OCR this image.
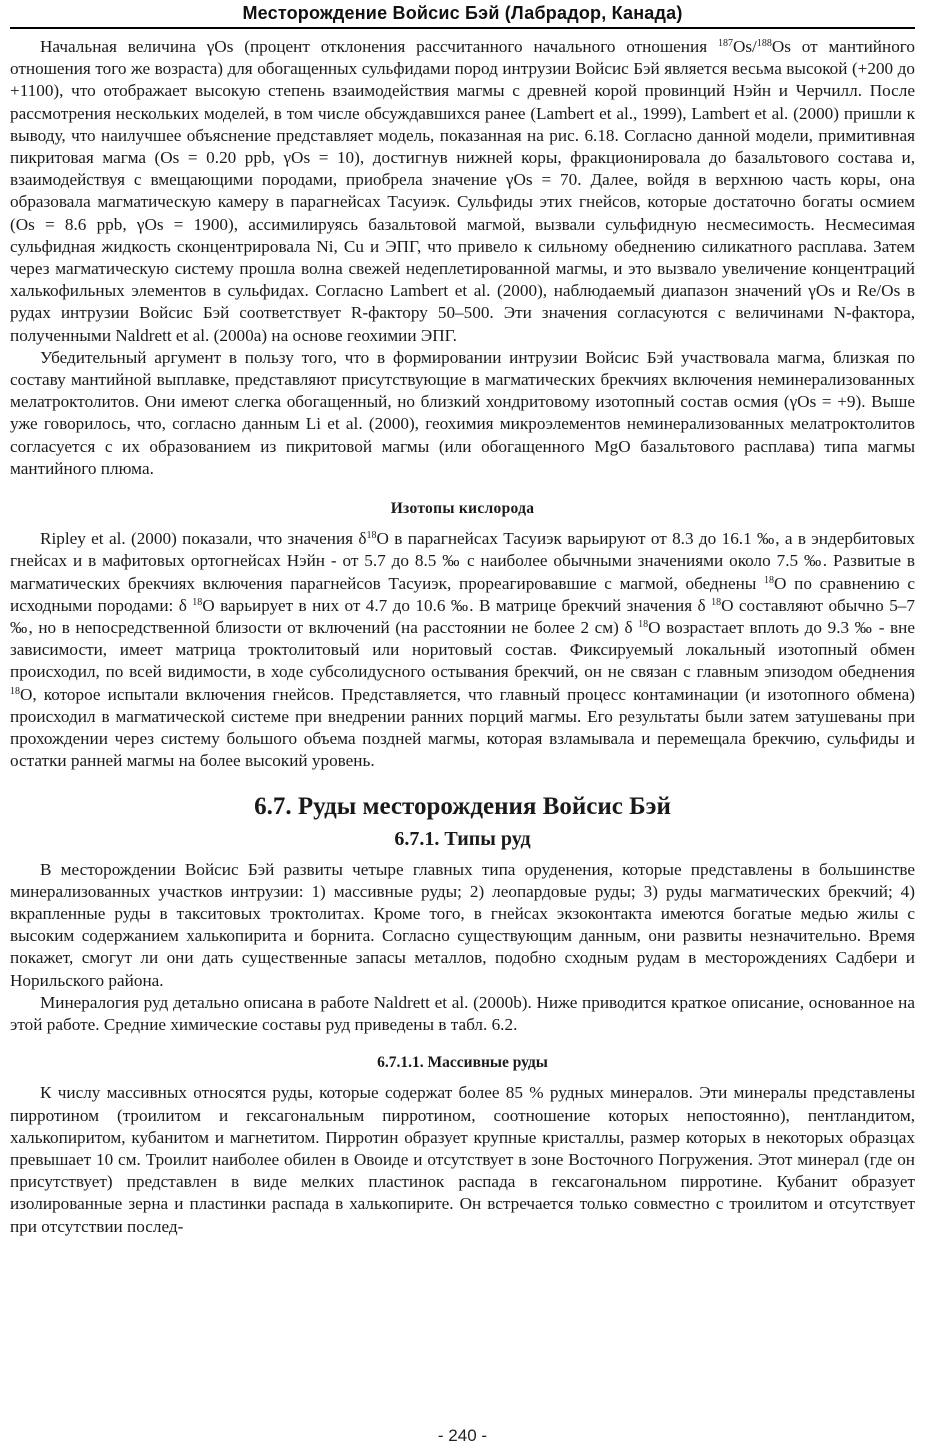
Месторождение Войсис Бэй (Лабрадор, Канада)

Начальная величина γOs (процент отклонения рассчитанного начального отношения $^{187}$Os/$^{188}$Os от мантийного отношения того же возраста) для обогащенных сульфидами пород интрузии Войсис Бэй является весьма высокой (+200 до +1100), что отображает высокую степень взаимодействия магмы с древней корой провинций Нэйн и Черчилл. После рассмотрения нескольких моделей, в том числе обсуждавшихся ранее (Lambert et al., 1999), Lambert et al. (2000) пришли к выводу, что наилучшее объяснение представляет модель, показанная на рис. 6.18. Согласно данной модели, примитивная пикритовая магма (Os = 0.20 ppb, γOs = 10), достигнув нижней коры, фракционировала до базальтового состава и, взаимодействуя с вмещающими породами, приобрела значение γOs = 70. Далее, войдя в верхнюю часть коры, она образовала магматическую камеру в парагнейсах Тасуиэк. Сульфиды этих гнейсов, которые достаточно богаты осмием (Os = 8.6 ppb, γOs = 1900), ассимилируясь базальтовой магмой, вызвали сульфидную несмесимость. Несмесимая сульфидная жидкость сконцентрировала Ni, Cu и ЭПГ, что привело к сильному обеднению силикатного расплава. Затем через магматическую систему прошла волна свежей недеплетированной магмы, и это вызвало увеличение концентраций халькофильных элементов в сульфидах. Согласно Lambert et al. (2000), наблюдаемый диапазон значений γOs и Re/Os в рудах интрузии Войсис Бэй соответствует R-фактору 50–500. Эти значения согласуются с величинами N-фактора, полученными Naldrett et al. (2000a) на основе геохимии ЭПГ.

Убедительный аргумент в пользу того, что в формировании интрузии Войсис Бэй участвовала магма, близкая по составу мантийной выплавке, представляют присутствующие в магматических брекчиях включения неминерализованных мелатроктолитов. Они имеют слегка обогащенный, но близкий хондритовому изотопный состав осмия (γOs = +9). Выше уже говорилось, что, согласно данным Li et al. (2000), геохимия микроэлементов неминерализованных мелатроктолитов согласуется с их образованием из пикритовой магмы (или обогащенного MgO базальтового расплава) типа магмы мантийного плюма.

Изотопы кислорода

Ripley et al. (2000) показали, что значения $\delta^{18}O$ в парагнейсах Тасуиэк варьируют от 8.3 до 16.1 ‰, а в эндербитовых гнейсах и в мафитовых ортогнейсах Нэйн - от 5.7 до 8.5 ‰ с наиболее обычными значениями около 7.5 ‰. Развитые в магматических брекчиях включения парагнейсов Тасуиэк, прореагировавшие с магмой, обеднены $^{18}$O по сравнению с исходными породами: δ $^{18}$O варьирует в них от 4.7 до 10.6 ‰. В матрице брекчий значения δ $^{18}$O составляют обычно 5–7 ‰, но в непосредственной близости от включений (на расстоянии не более 2 см) δ $^{18}$O возрастает вплоть до 9.3 ‰ - вне зависимости, имеет матрица троктолитовый или норитовый состав. Фиксируемый локальный изотопный обмен происходил, по всей видимости, в ходе субсолидусного остывания брекчий, он не связан с главным эпизодом обеднения $^{18}$O, которое испытали включения гнейсов. Представляется, что главный процесс контаминации (и изотопного обмена) происходил в магматической системе при внедрении ранних порций магмы. Его результаты были затем затушеваны при прохождении через систему большого объема поздней магмы, которая взламывала и перемещала брекчию, сульфиды и остатки ранней магмы на более высокий уровень.

6.7. Руды месторождения Войсис Бэй
6.7.1. Типы руд

В месторождении Войсис Бэй развиты четыре главных типа оруденения, которые представлены в большинстве минерализованных участков интрузии: 1) массивные руды; 2) леопардовые руды; 3) руды магматических брекчий; 4) вкрапленные руды в такситовых троктолитах. Кроме того, в гнейсах экзоконтакта имеются богатые медью жилы с высоким содержанием халькопирита и борнита. Согласно существующим данным, они развиты незначительно. Время покажет, смогут ли они дать существенные запасы металлов, подобно сходным рудам в месторождениях Садбери и Норильского района.

Минералогия руд детально описана в работе Naldrett et al. (2000b). Ниже приводится краткое описание, основанное на этой работе. Средние химические составы руд приведены в табл. 6.2.

6.7.1.1. Массивные руды

К числу массивных относятся руды, которые содержат более 85 % рудных минералов. Эти минералы представлены пирротином (троилитом и гексагональным пирротином, соотношение которых непостоянно), пентландитом, халькопиритом, кубанитом и магнетитом. Пирротин образует крупные кристаллы, размер которых в некоторых образцах превышает 10 см. Троилит наиболее обилен в Овоиде и отсутствует в зоне Восточного Погружения. Этот минерал (где он присутствует) представлен в виде мелких пластинок распада в гексагональном пирротине. Кубанит образует изолированные зерна и пластинки распада в халькопирите. Он встречается только совместно с троилитом и отсутствует при отсутствии послед-

- 240 -
